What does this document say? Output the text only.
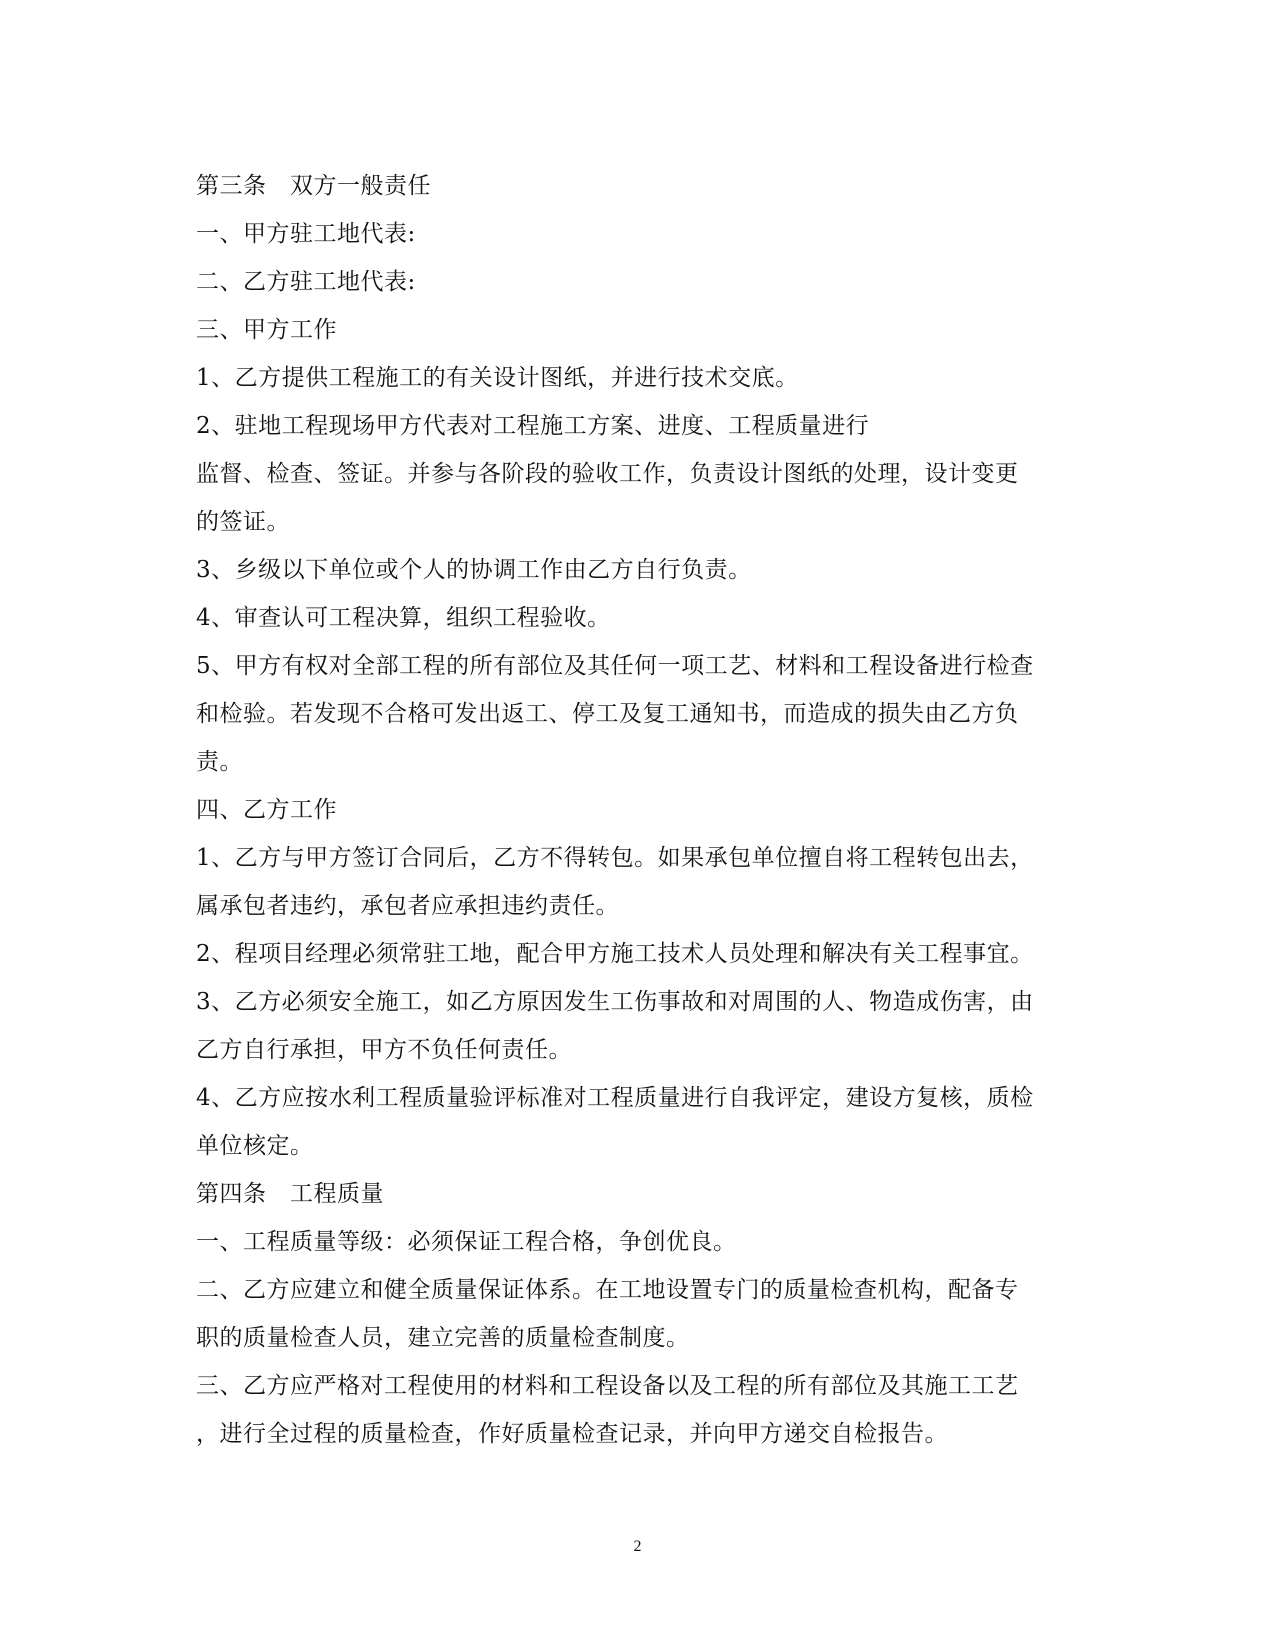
第三条　双方一般责任
一、甲方驻工地代表:
二、乙方驻工地代表:
三、甲方工作
1、乙方提供工程施工的有关设计图纸，并进行技术交底。
2、驻地工程现场甲方代表对工程施工方案、进度、工程质量进行
监督、检查、签证。并参与各阶段的验收工作，负责设计图纸的处理，设计变更
的签证。
3、乡级以下单位或个人的协调工作由乙方自行负责。
4、审查认可工程决算，组织工程验收。
5、甲方有权对全部工程的所有部位及其任何一项工艺、材料和工程设备进行检查
和检验。若发现不合格可发出返工、停工及复工通知书，而造成的损失由乙方负
责。
四、乙方工作
1、乙方与甲方签订合同后，乙方不得转包。如果承包单位擅自将工程转包出去，
属承包者违约，承包者应承担违约责任。
2、程项目经理必须常驻工地，配合甲方施工技术人员处理和解决有关工程事宜。
3、乙方必须安全施工，如乙方原因发生工伤事故和对周围的人、物造成伤害，由
乙方自行承担，甲方不负任何责任。
4、乙方应按水利工程质量验评标准对工程质量进行自我评定，建设方复核，质检
单位核定。
第四条　工程质量
一、工程质量等级：必须保证工程合格，争创优良。
二、乙方应建立和健全质量保证体系。在工地设置专门的质量检查机构，配备专
职的质量检查人员，建立完善的质量检查制度。
三、乙方应严格对工程使用的材料和工程设备以及工程的所有部位及其施工工艺
，进行全过程的质量检查，作好质量检查记录，并向甲方递交自检报告。
2
